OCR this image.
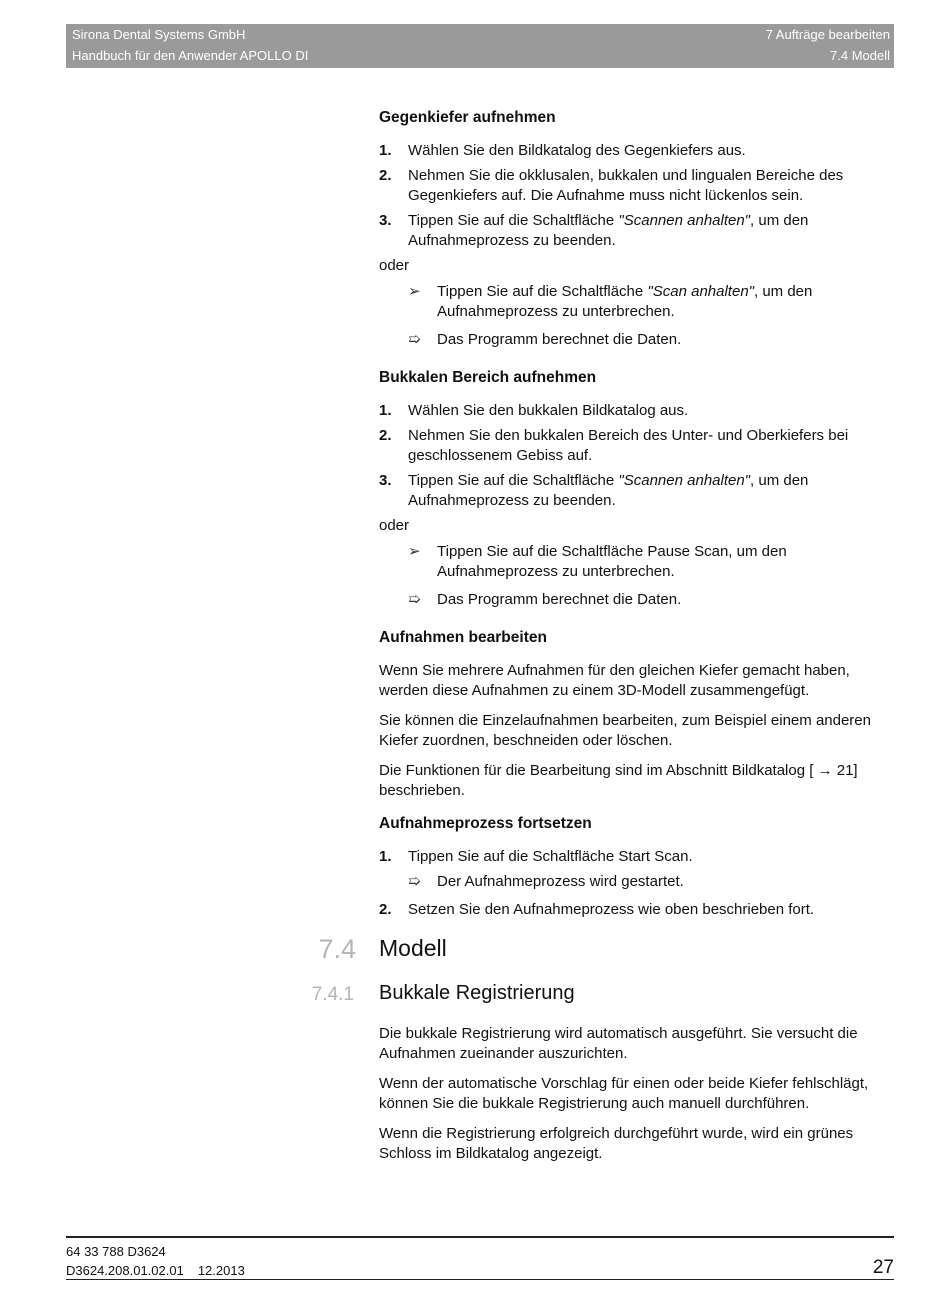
Sirona Dental Systems GmbH	7 Aufträge bearbeiten
Handbuch für den Anwender APOLLO DI	7.4 Modell
Gegenkiefer aufnehmen
1.	Wählen Sie den Bildkatalog des Gegenkiefers aus.
2.	Nehmen Sie die okklusalen, bukkalen und lingualen Bereiche des Gegenkiefers auf. Die Aufnahme muss nicht lückenlos sein.
3.	Tippen Sie auf die Schaltfläche "Scannen anhalten", um den Aufnahmeprozess zu beenden.
oder
➢	Tippen Sie auf die Schaltfläche "Scan anhalten", um den Aufnahmeprozess zu unterbrechen.
➯	Das Programm berechnet die Daten.
Bukkalen Bereich aufnehmen
1.	Wählen Sie den bukkalen Bildkatalog aus.
2.	Nehmen Sie den bukkalen Bereich des Unter- und Oberkiefers bei geschlossenem Gebiss auf.
3.	Tippen Sie auf die Schaltfläche "Scannen anhalten", um den Aufnahmeprozess zu beenden.
oder
➢	Tippen Sie auf die Schaltfläche Pause Scan, um den Aufnahmeprozess zu unterbrechen.
➯	Das Programm berechnet die Daten.
Aufnahmen bearbeiten
Wenn Sie mehrere Aufnahmen für den gleichen Kiefer gemacht haben, werden diese Aufnahmen zu einem 3D-Modell zusammengefügt.
Sie können die Einzelaufnahmen bearbeiten, zum Beispiel einem anderen Kiefer zuordnen, beschneiden oder löschen.
Die Funktionen für die Bearbeitung sind im Abschnitt Bildkatalog [ → 21] beschrieben.
Aufnahmeprozess fortsetzen
1.	Tippen Sie auf die Schaltfläche Start Scan.
➯	Der Aufnahmeprozess wird gestartet.
2.	Setzen Sie den Aufnahmeprozess wie oben beschrieben fort.
7.4 Modell
7.4.1 Bukkale Registrierung
Die bukkale Registrierung wird automatisch ausgeführt. Sie versucht die Aufnahmen zueinander auszurichten.
Wenn der automatische Vorschlag für einen oder beide Kiefer fehlschlägt, können Sie die bukkale Registrierung auch manuell durchführen.
Wenn die Registrierung erfolgreich durchgeführt wurde, wird ein grünes Schloss im Bildkatalog angezeigt.
64 33 788 D3624
D3624.208.01.02.01 12.2013	27
